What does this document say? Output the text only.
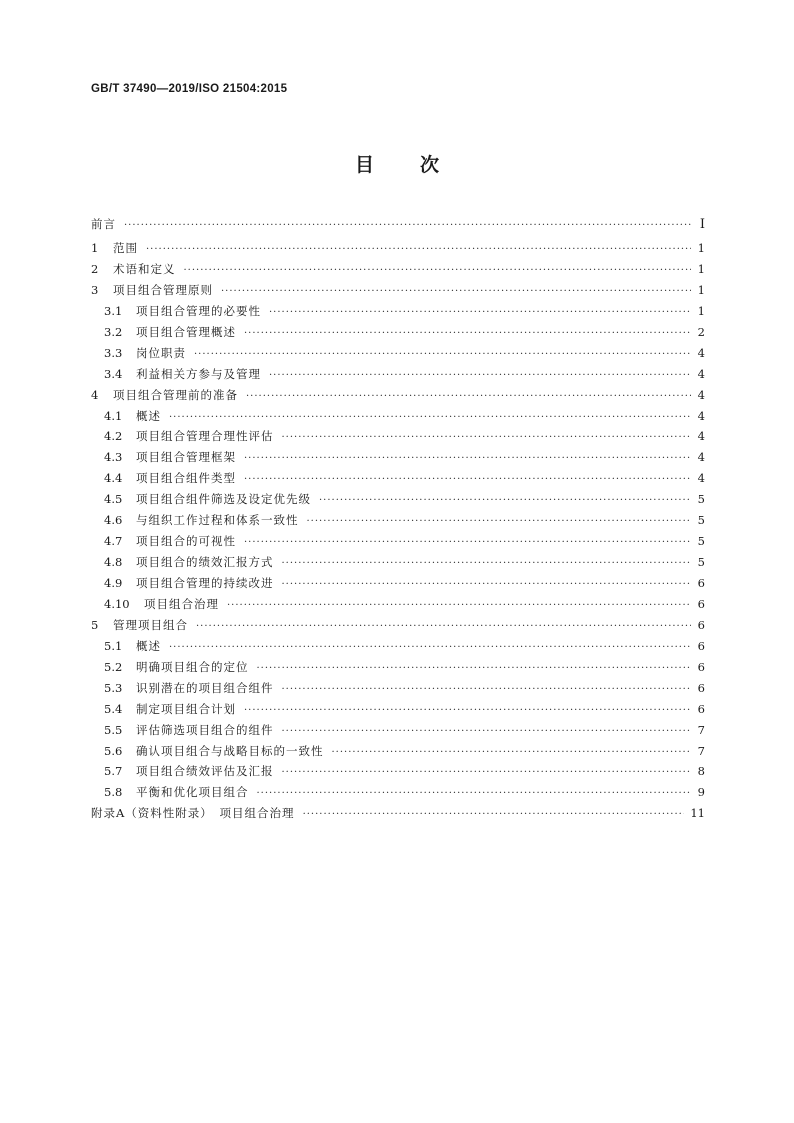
GB/T 37490—2019/ISO 21504:2015
目次
前言 ·····	Ⅰ
1	范围 ·····	1
2	术语和定义 ·····	1
3	项目组合管理原则 ·····	1
3.1	项目组合管理的必要性 ·····	1
3.2	项目组合管理概述 ·····	2
3.3	岗位职责 ·····	4
3.4	利益相关方参与及管理 ·····	4
4	项目组合管理前的准备 ·····	4
4.1	概述 ·····	4
4.2	项目组合管理合理性评估 ·····	4
4.3	项目组合管理框架 ·····	4
4.4	项目组合组件类型 ·····	4
4.5	项目组合组件筛选及设定优先级 ·····	5
4.6	与组织工作过程和体系一致性 ·····	5
4.7	项目组合的可视性 ·····	5
4.8	项目组合的绩效汇报方式 ·····	5
4.9	项目组合管理的持续改进 ·····	6
4.10	项目组合治理 ·····	6
5	管理项目组合 ·····	6
5.1	概述 ·····	6
5.2	明确项目组合的定位 ·····	6
5.3	识别潜在的项目组合组件 ·····	6
5.4	制定项目组合计划 ·····	6
5.5	评估筛选项目组合的组件 ·····	7
5.6	确认项目组合与战略目标的一致性 ·····	7
5.7	项目组合绩效评估及汇报 ·····	8
5.8	平衡和优化项目组合 ·····	9
附录A（资料性附录）　项目组合治理 ·····	11
